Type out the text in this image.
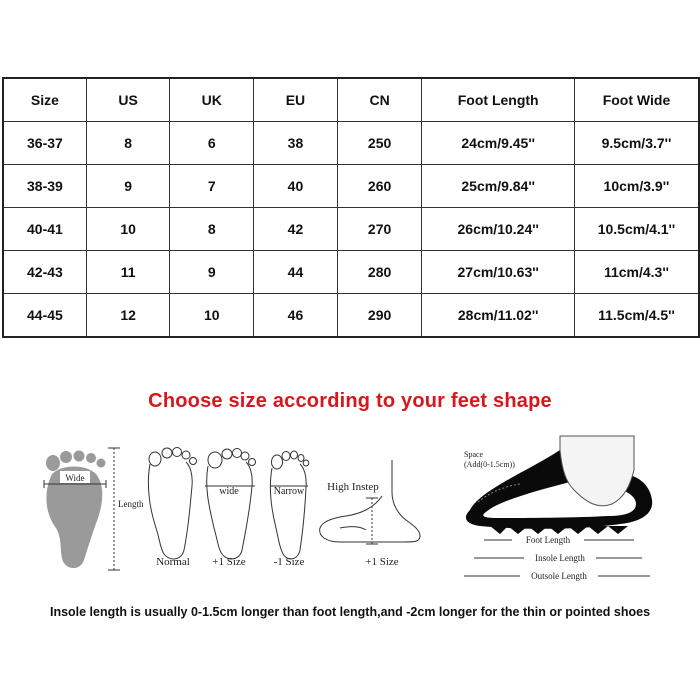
Size	US	UK	EU	CN	Foot Length	Foot Wide
36-37	8	6	38	250	24cm/9.45''	9.5cm/3.7''
38-39	9	7	40	260	25cm/9.84''	10cm/3.9''
40-41	10	8	42	270	26cm/10.24''	10.5cm/4.1''
42-43	11	9	44	280	27cm/10.63''	11cm/4.3''
44-45	12	10	46	290	28cm/11.02''	11.5cm/4.5''
Choose size according to your feet shape
Wide
Length
Normal
wide
+1 Size
Narrow
-1 Size
High Instep
+1 Size
Space
(Add(0-1.5cm))
Foot Length
Insole Length
Outsole Length
Insole length is usually 0-1.5cm longer than foot length,and -2cm longer for the thin or pointed shoes
